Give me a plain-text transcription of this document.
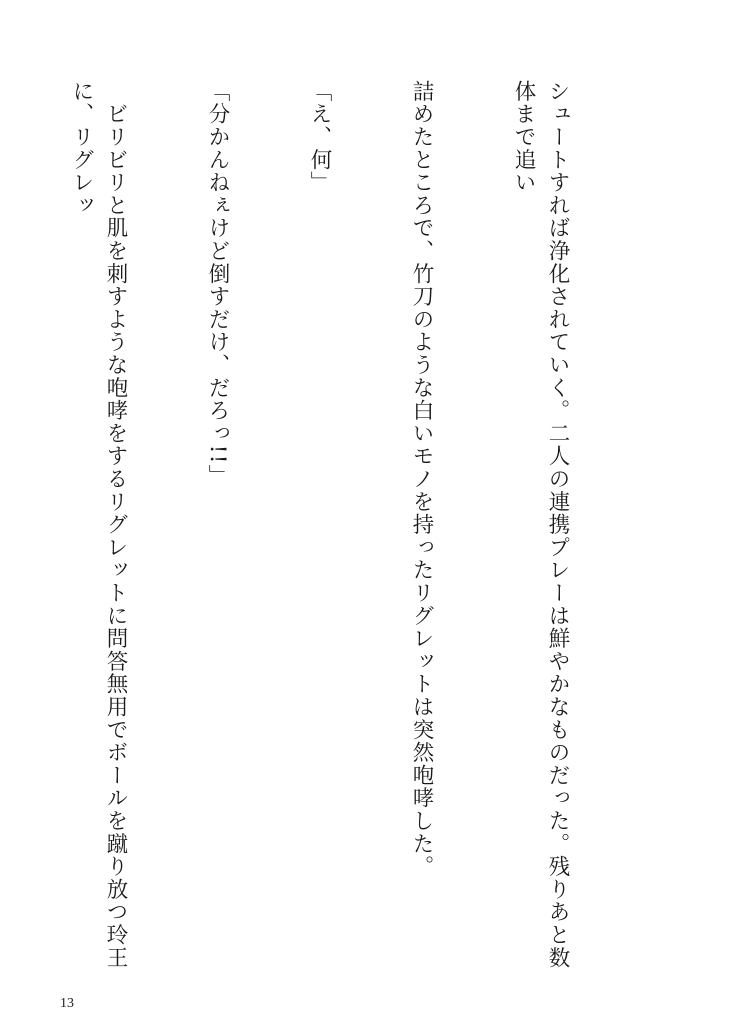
シュートすれば浄化されていく。二人の連携プレーは鮮やかなものだった。残りあと数体まで追い

詰めたところで、竹刀のような白いモノを持ったリグレットは突然咆哮した。

「え、何」

「分かんねぇけど倒すだけ、だろっ!!」

　ビリビリと肌を刺すような咆哮をするリグレットに問答無用でボールを蹴り放つ玲王に、リグレッ

13
